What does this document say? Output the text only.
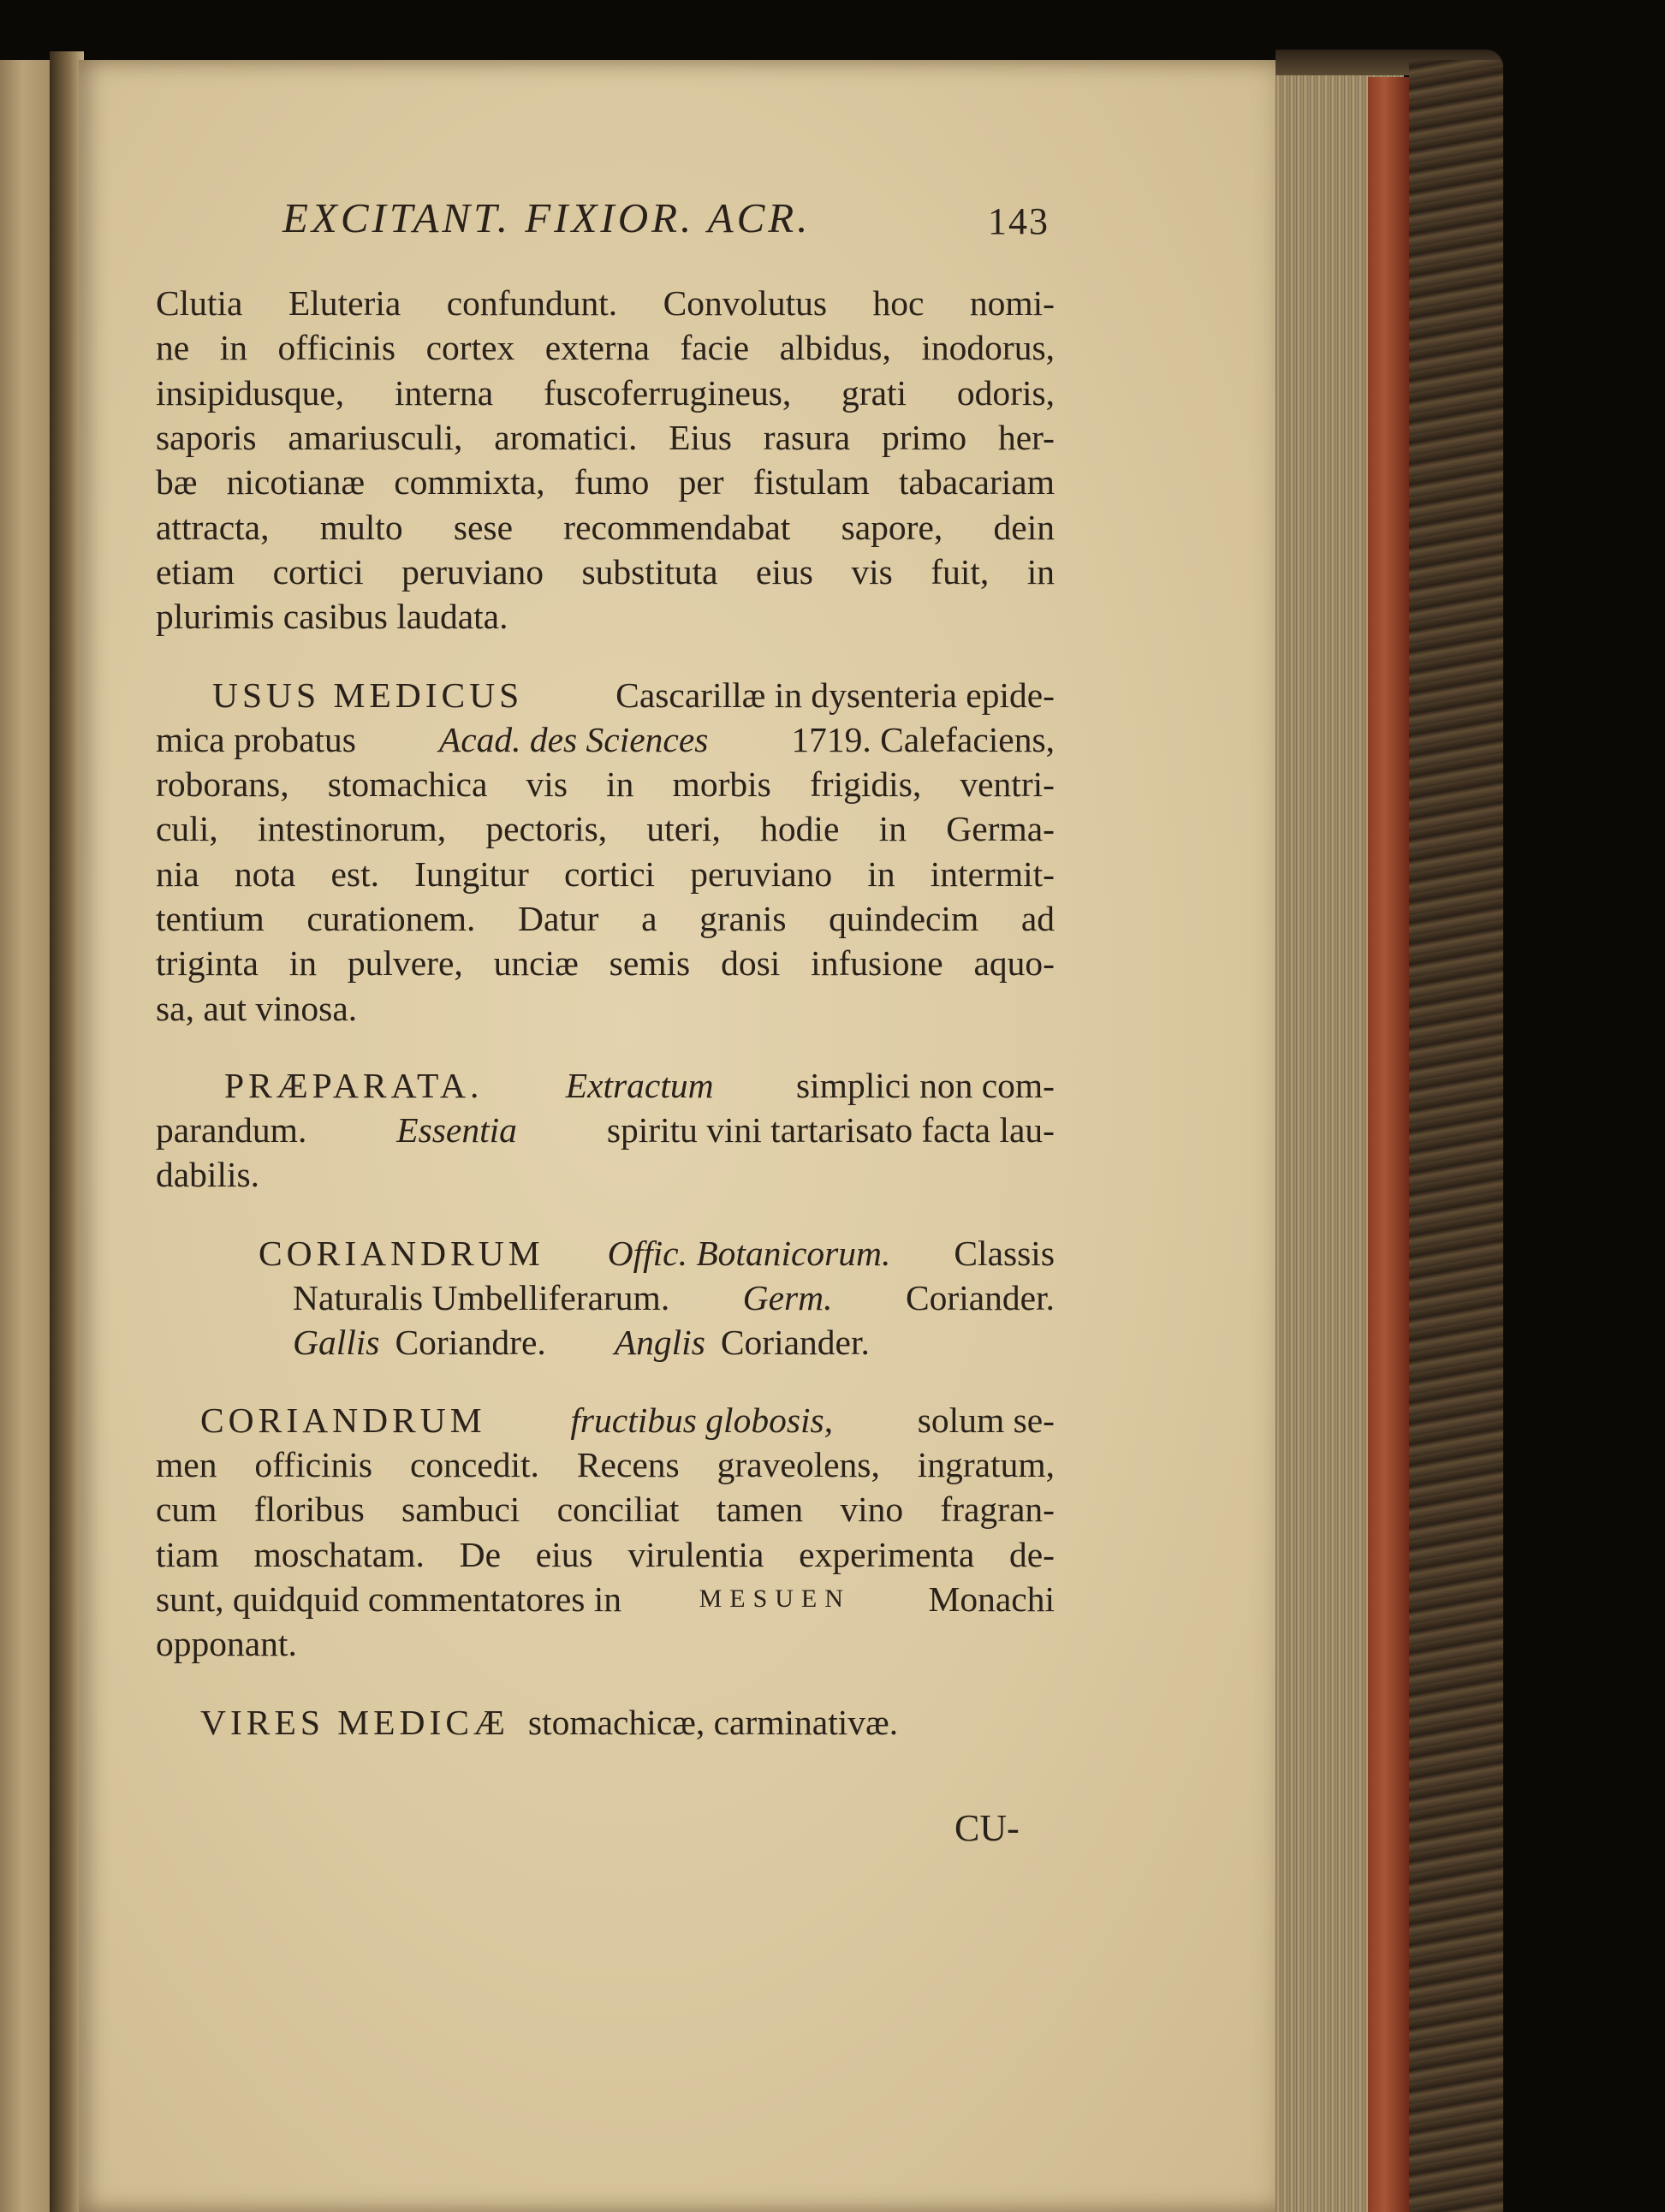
EXCITANT. FIXIOR. ACR.	143
Clutia Eluteria confundunt. Convolutus hoc nomi-
ne in officinis cortex externa facie albidus, inodorus,
insipidusque, interna fuscoferrugineus, grati odoris,
saporis amariusculi, aromatici. Eius rasura primo her-
bæ nicotianæ commixta, fumo per fistulam tabacariam
attracta, multo sese recommendabat sapore, dein
etiam cortici peruviano substituta eius vis fuit, in
plurimis casibus laudata.
USUS MEDICUS	Cascarillæ in dysenteria epide-
mica probatus Acad. des Sciences 1719. Calefaciens,
roborans, stomachica vis in morbis frigidis, ventri-
culi, intestinorum, pectoris, uteri, hodie in Germa-
nia nota est. Iungitur cortici peruviano in intermit-
tentium curationem. Datur a granis quindecim ad
triginta in pulvere, unciæ semis dosi infusione aquo-
sa, aut vinosa.
PRÆPARATA. Extractum simplici non com-
parandum.	Essentia	spiritu vini tartarisato facta lau-
dabilis.
CORIANDRUM Offic. Botanicorum. Classis
Naturalis Umbelliferarum. Germ. Coriander.
Gallis Coriandre. Anglis Coriander.
CORIANDRUM fructibus globosis, solum se-
men officinis concedit. Recens graveolens, ingratum,
cum floribus sambuci conciliat tamen vino fragran-
tiam moschatam. De eius virulentia experimenta de-
sunt, quidquid commentatores in	MESUEN Monachi
opponant.
VIRES MEDICÆ stomachicæ, carminativæ.
CU-
